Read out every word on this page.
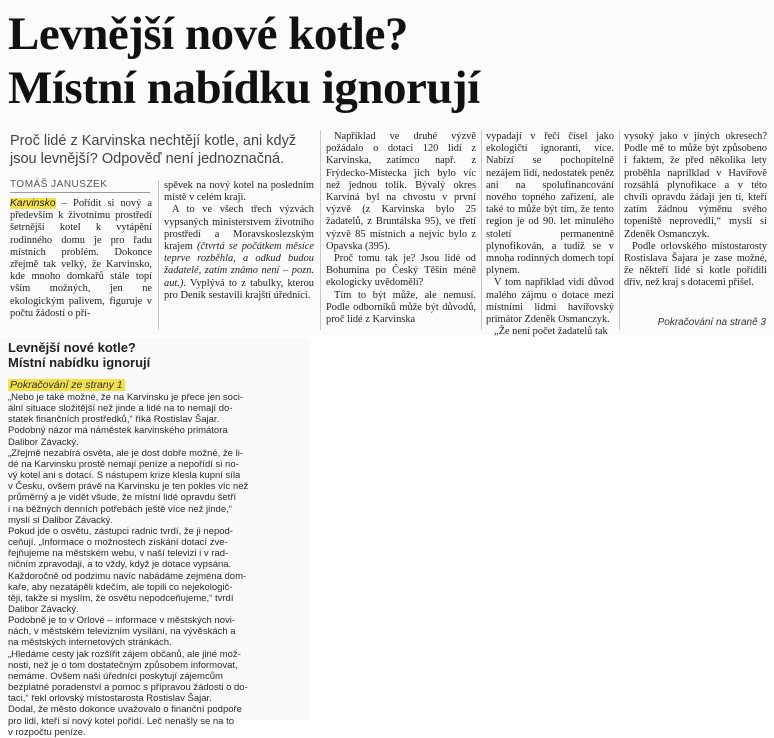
Levnější nové kotle?
Místní nabídku ignorují
Proč lidé z Karvinska nechtějí kotle, ani když jsou levnější? Odpověď není jednoznačná.
TOMÁŠ JANUSZEK

Karvinsko – Pořídit si nový a především k životnímu prostředí šetrnější kotel k vytápění rodinného domu je pro řadu místních problém. Dokonce zřejmě tak velký, že Karvinsko, kde mnoho domkařů stále topí vším možných, jen ne ekologickým palivem, figuruje v počtu žádostí o pří-

spěvek na nový kotel na posledním místě v celém kraji.

A to ve všech třech výzvách vypsaných ministerstvem životního prostředí a Moravskoslezským krajem (čtvrtá se počátkem měsíce teprve rozběhla, a odkud budou žadatelé, zatím známo není – pozn. aut.). Vyplývá to z tabulky, kterou pro Deník sestavili krajští úředníci.

Například ve druhé výzvě požádalo o dotaci 120 lidí z Karvinska, zatímco např. z Frýdecko-Místecka jich bylo víc než jednou tolik. Bývalý okres Karviná byl na chvostu v první výzvě (z Karvinska bylo 25 žadatelů, z Bruntálska 95), ve třetí výzvě 85 místních a nejvíc bylo z Opavska (395).

Proč tomu tak je? Jsou lidé od Bohumína po Český Těšín méně ekologicky uvědomělí?

Tím to být může, ale nemusí. Podle odborníků může být důvodů, proč lidé z Karvinska

vypadají v řeči čísel jako ekologičtí ignoranti, více. Nabízí se pochopitelně nezájem lidí, nedostatek peněz ani na spolufinancování nového topného zařízení, ale také to může být tím, že tento region je od 90. let minulého století permanentně plynofikován, a tudíž se v mnoha rodinných domech topí plynem.

V tom například vidí důvod malého zájmu o dotace mezi místními lidmi havířovský primátor Zdeněk Osmanczyk.

„Že není počet žadatelů tak

vysoký jako v jiných okresech? Podle mě to může být způsobeno i faktem, že před několika lety proběhla naprílklad v Havířově rozsáhlá plynofikace a v této chvíli opravdu žádají jen ti, kteří zatím žádnou výměnu svého topeniště neprovedli,“ myslí si Zdeněk Osmanczyk.

Podle orlovského místostarosty Rostislava Šajara je zase možné, že někteří lidé si kotle pořídili dřív, než kraj s dotacemi přišel.

Pokračování na straně 3
Levnější nové kotle?
Místní nabídku ignorují
Pokračování ze strany 1

„Nebo je také možné, že na Karvinsku je přece jen soci-

ální situace složitější než jinde a lidé na to nemají do-

statek finančních prostředků,“ říká Rostislav Šajar.

Podobný názor má náměstek karvinského primátora

Dalibor Závacký.

„Zřejmě nezabírá osvěta, ale je dost dobře možné, že li-

dé na Karvinsku prostě nemají peníze a nepořídí si no-

vý kotel ani s dotací. S nástupem krize klesla kupní síla

v Česku, ovšem právě na Karvinsku je ten pokles víc než

průměrný a je vidět všude, že místní lidé opravdu šetří

i na běžných denních potřebách ještě více než jinde,“

myslí si Dalibor Závacký.

Pokud jde o osvětu, zástupci radnic tvrdí, že ji nepod-

ceňují. „Informace o možnostech získání dotací zve-

řejňujeme na městském webu, v naší televizi i v rad-

ničním zpravodaji, a to vždy, když je dotace vypsána.

Každoročně od podzimu navíc nabádáme zejména dom-

kaře, aby nezatápěli kdečím, ale topili co nejekologič-

těji, takže si myslím, že osvětu nepodceňujeme,“ tvrdí

Dalibor Závacký.

Podobně je to v Orlové – informace v městských novi-

nách, v městském televizním vysílání, na vývěskách a

na městských internetových stránkách.

„Hledáme cesty jak rozšířit zájem občanů, ale jiné mož-

nosti, než je o tom dostatečným způsobem informovat,

nemáme. Ovšem naši úředníci poskytují zájemcům

bezplatné poradenství a pomoc s přípravou žádosti o do-

taci,“ řekl orlovský místostarosta Rostislav Šajar.

Dodal, že město dokonce uvažovalo o finanční podpoře

pro lidi, kteří si nový kotel pořídí. Leč nenašly se na to

v rozpočtu peníze.
